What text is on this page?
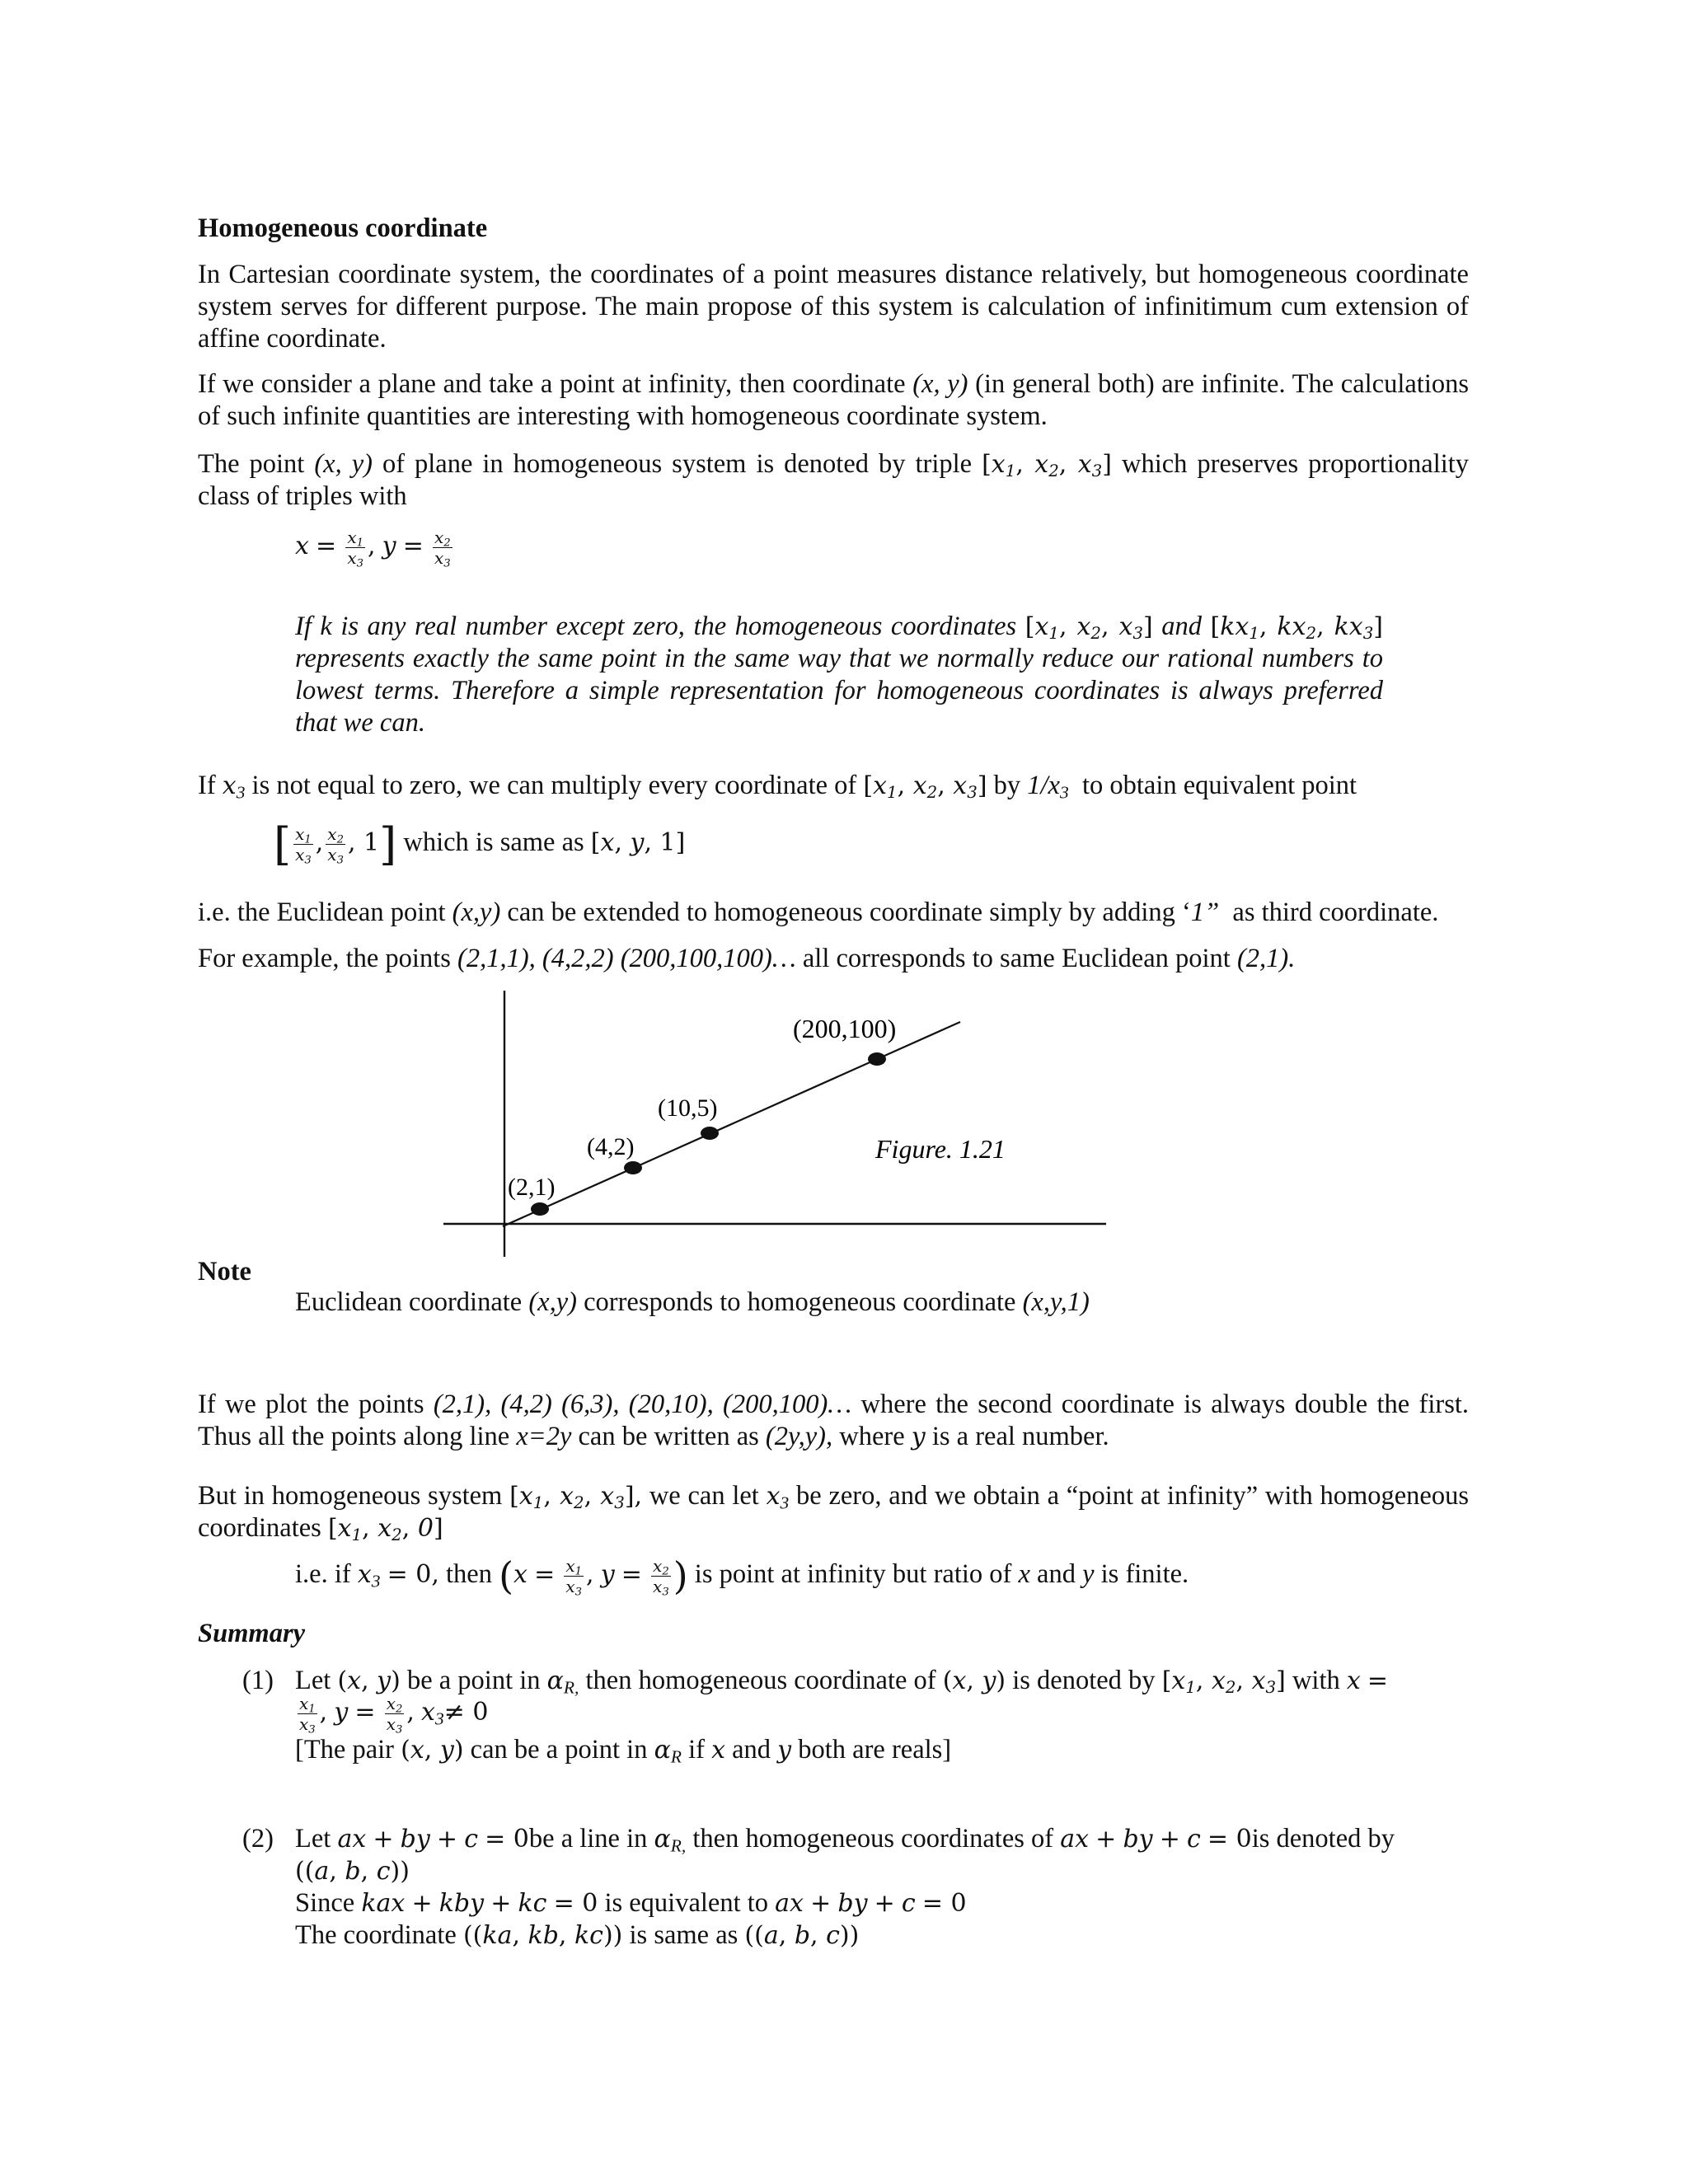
Homogeneous coordinate
In Cartesian coordinate system, the coordinates of a point measures distance relatively, but homogeneous coordinate system serves for different purpose. The main propose of this system is calculation of infinitimum cum extension of affine coordinate.
If we consider a plane and take a point at infinity, then coordinate (x, y) (in general both) are infinite. The calculations of such infinite quantities are interesting with homogeneous coordinate system.
The point (x, y) of plane in homogeneous system is denoted by triple [$x_1$, $x_2$, $x_3$] which preserves proportionality class of triples with
$x = \frac{x_1}{x_3}$ , $y = \frac{x_2}{x_3}$
If k is any real number except zero, the homogeneous coordinates [$x_1$, $x_2$, $x_3$] and [$kx_1$, $kx_2$, $kx_3$] represents exactly the same point in the same way that we normally reduce our rational numbers to lowest terms. Therefore a simple representation for homogeneous coordinates is always preferred that we can.
If $x_3$ is not equal to zero, we can multiply every coordinate of [$x_1$, $x_2$, $x_3$] by $1/x_3$ to obtain equivalent point
[ $\frac{x_1}{x_3}$ , $\frac{x_2}{x_3}$ , 1] which is same as [x, y, 1]
i.e. the Euclidean point (x,y) can be extended to homogeneous coordinate simply by adding ‘1” as third coordinate.
For example, the points (2,1,1), (4,2,2) (200,100,100)… all corresponds to same Euclidean point (2,1).
(2,1)
(4,2)
(10,5)
(200,100)
Figure. 1.21
Note
Euclidean coordinate (x,y) corresponds to homogeneous coordinate (x,y,1)
If we plot the points (2,1), (4,2) (6,3), (20,10), (200,100)… where the second coordinate is always double the first. Thus all the points along line x=2y can be written as (2y,y), where y is a real number.
But in homogeneous system [$x_1$, $x_2$, $x_3$], we can let $x_3$ be zero, and we obtain a “point at infinity” with homogeneous coordinates [$x_1$, $x_2$, 0]
i.e. if $x_3 = 0$, then ($x = \frac{x_1}{x_3}$ , $y = \frac{x_2}{x_3}$ ) is point at infinity but ratio of x and y is finite.
Summary
(1) Let (x, y) be a point in $\alpha_{R,}$ then homogeneous coordinate of (x, y) is denoted by [$x_1$, $x_2$, $x_3$] with x =
$\frac{x_1}{x_3}$ , $y = \frac{x_2}{x_3}$ , $x_3\ne 0$
[The pair (x, y) can be a point in $\alpha_R$ if x and y both are reals]
(2) Let ax + by + c = 0be a line in $\alpha_{R,}$ then homogeneous coordinates of ax + by + c = 0is denoted by
((a, b, c))
Since kax + kby + kc = 0 is equivalent to ax + by + c = 0
The coordinate ((ka, kb, kc)) is same as ((a, b, c))
